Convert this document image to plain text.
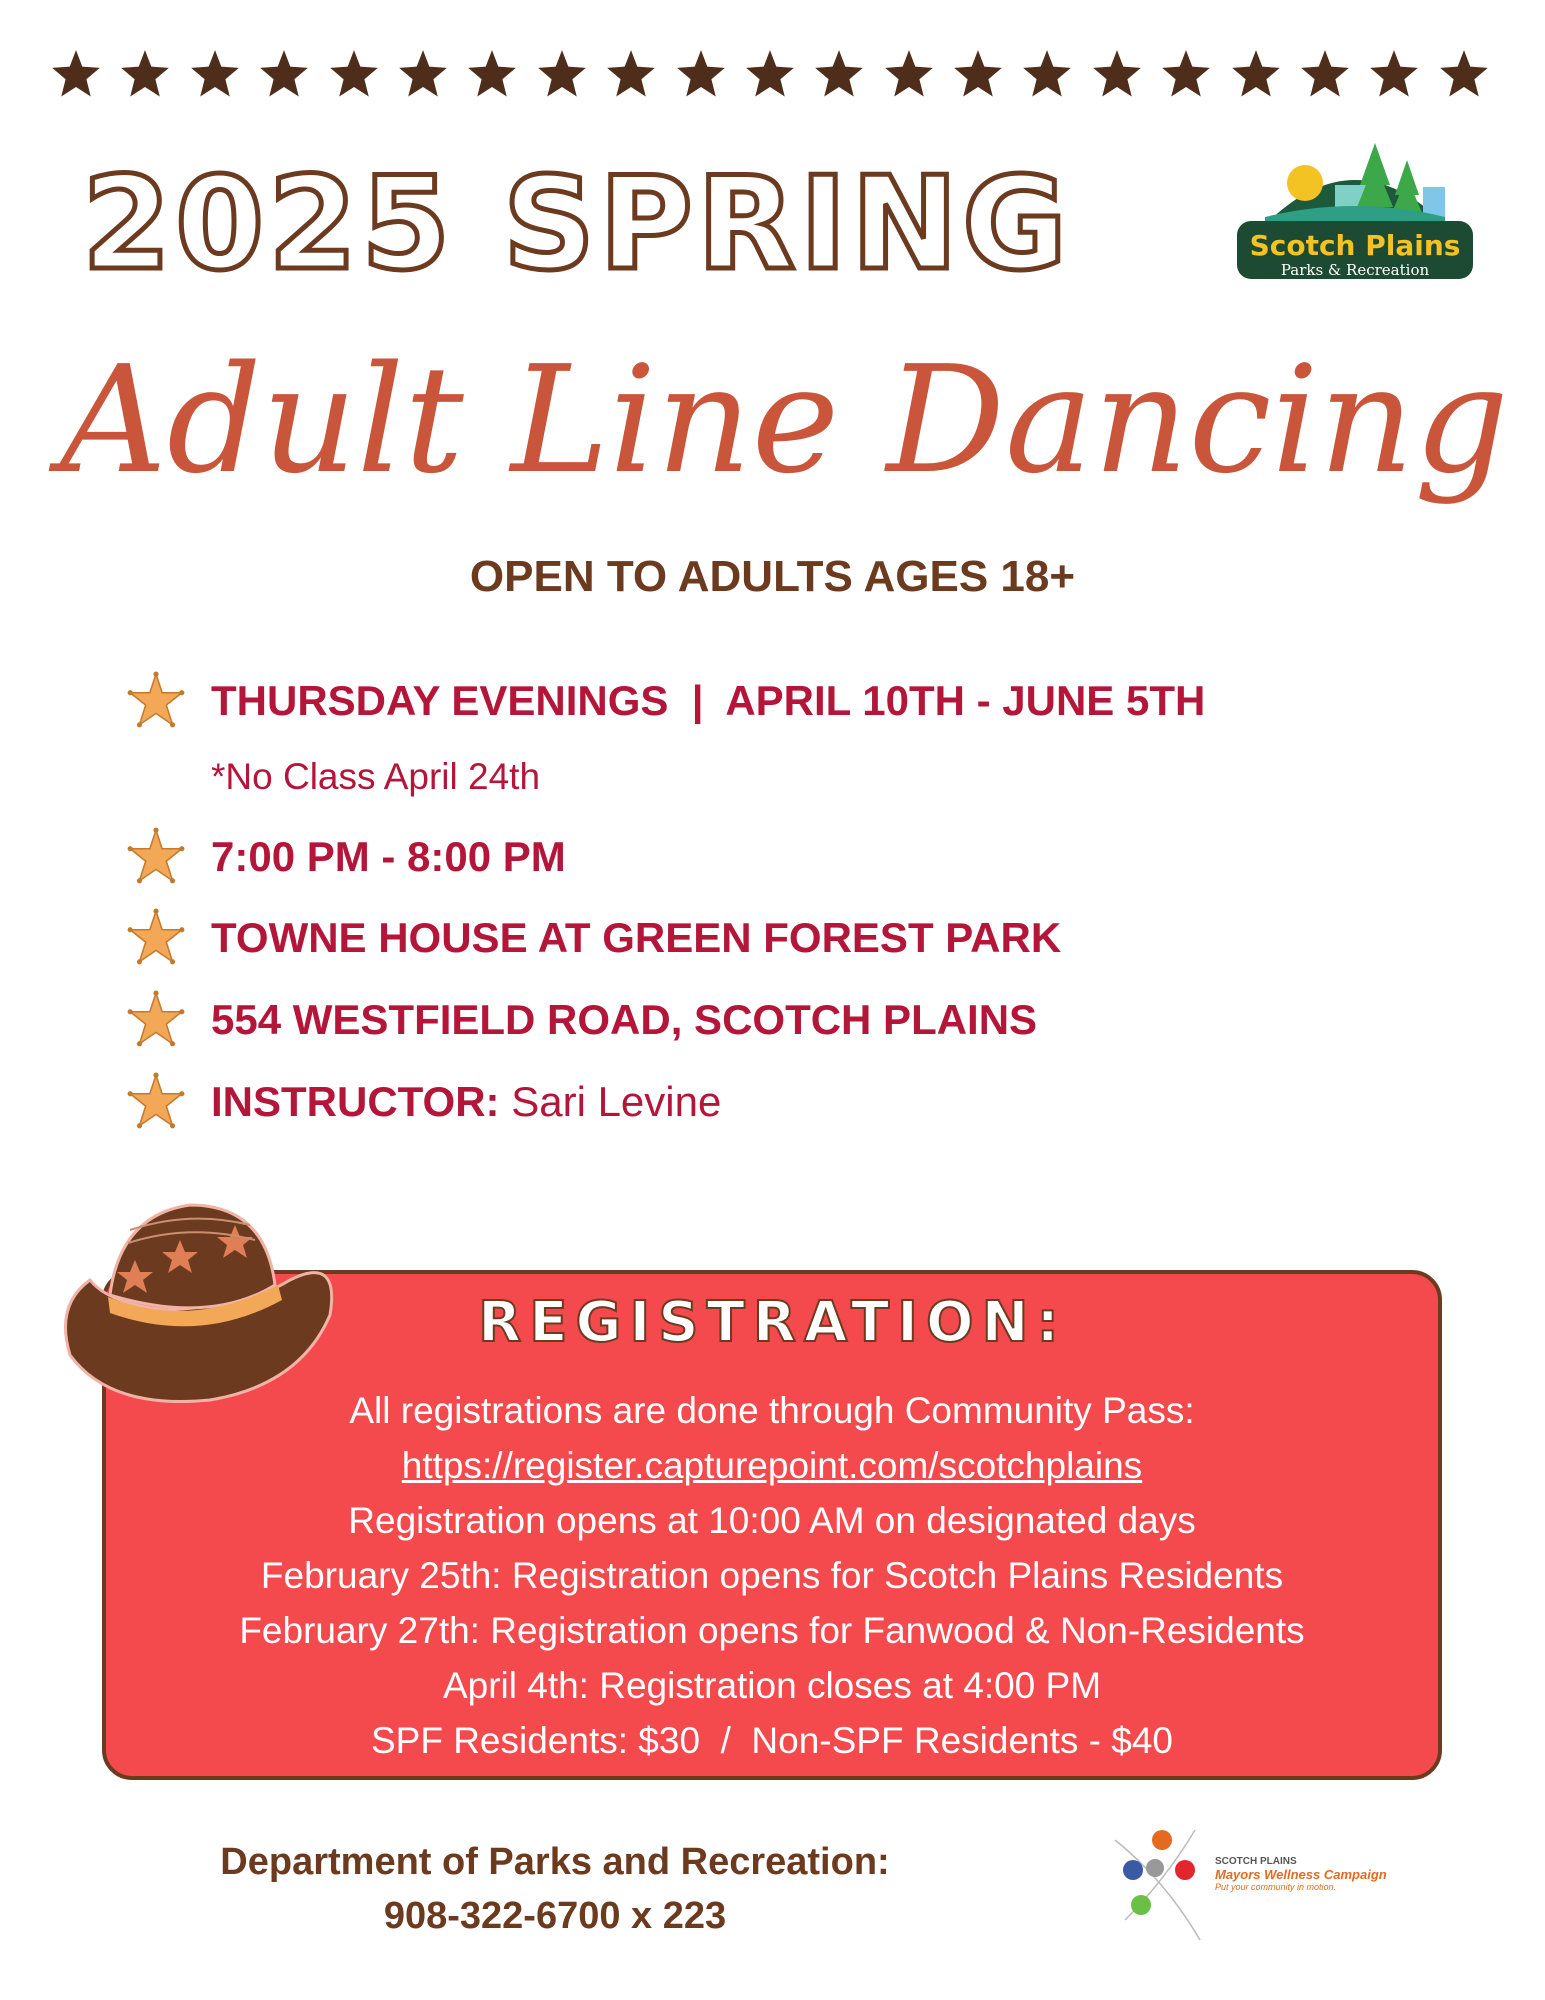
2025 SPRING	Scotch Plains
Parks & Recreation
Adult Line Dancing
OPEN TO ADULTS AGES 18+
THURSDAY EVENINGS  |  APRIL 10TH - JUNE 5TH
*No Class April 24th
7:00 PM - 8:00 PM
TOWNE HOUSE AT GREEN FOREST PARK
554 WESTFIELD ROAD, SCOTCH PLAINS
INSTRUCTOR: Sari Levine
REGISTRATION:
All registrations are done through Community Pass:
https://register.capturepoint.com/scotchplains
Registration opens at 10:00 AM on designated days
February 25th: Registration opens for Scotch Plains Residents
February 27th: Registration opens for Fanwood & Non-Residents
April 4th: Registration closes at 4:00 PM
SPF Residents: $30  /  Non-SPF Residents - $40
Department of Parks and Recreation:
908-322-6700 x 223
SCOTCH PLAINS
Mayors Wellness Campaign
Put your community in motion.
